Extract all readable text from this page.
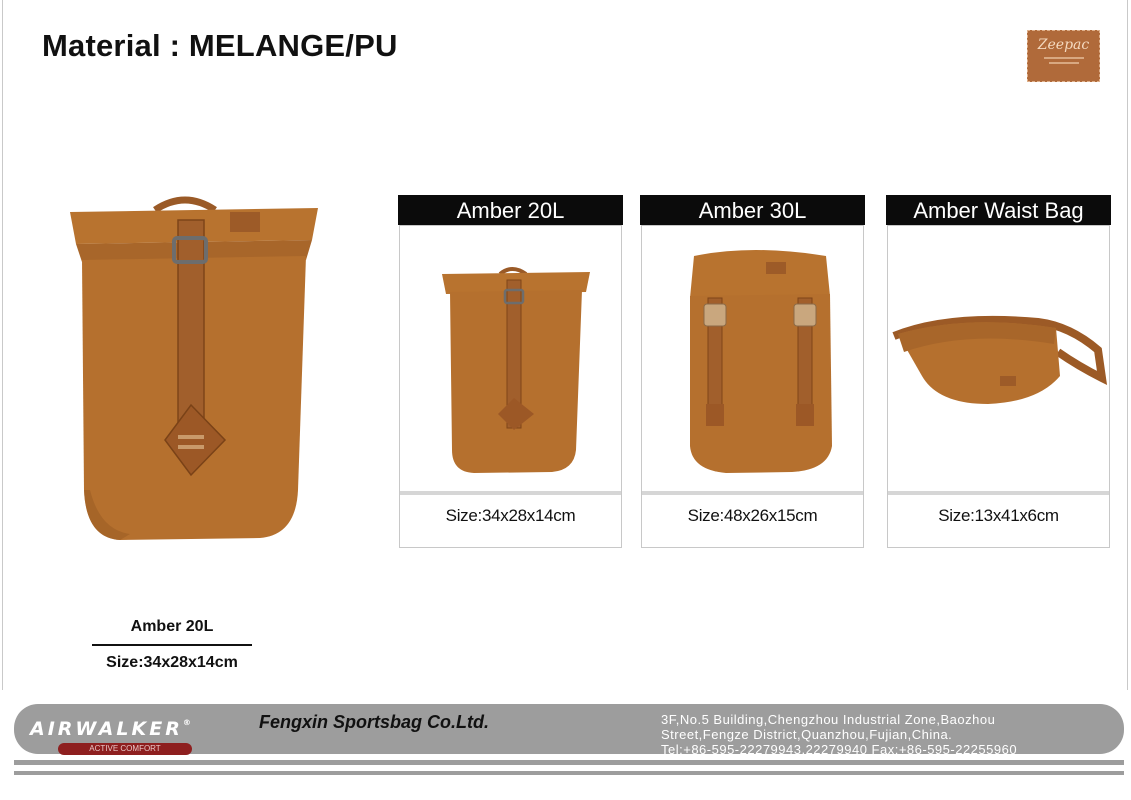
Material : MELANGE/PU	Zeepac
Amber 20L
Size:34x28x14cm
Amber 20L
Size:34x28x14cm
Amber 30L
Size:48x26x15cm
Amber Waist Bag
Size:13x41x6cm
AIRWALKER®
ACTIVE COMFORT
Fengxin Sportsbag Co.Ltd.	3F,No.5 Building,Chengzhou Industrial Zone,Baozhou
Street,Fengze District,Quanzhou,Fujian,China.
Tel:+86-595-22279943,22279940 Fax:+86-595-22255960
